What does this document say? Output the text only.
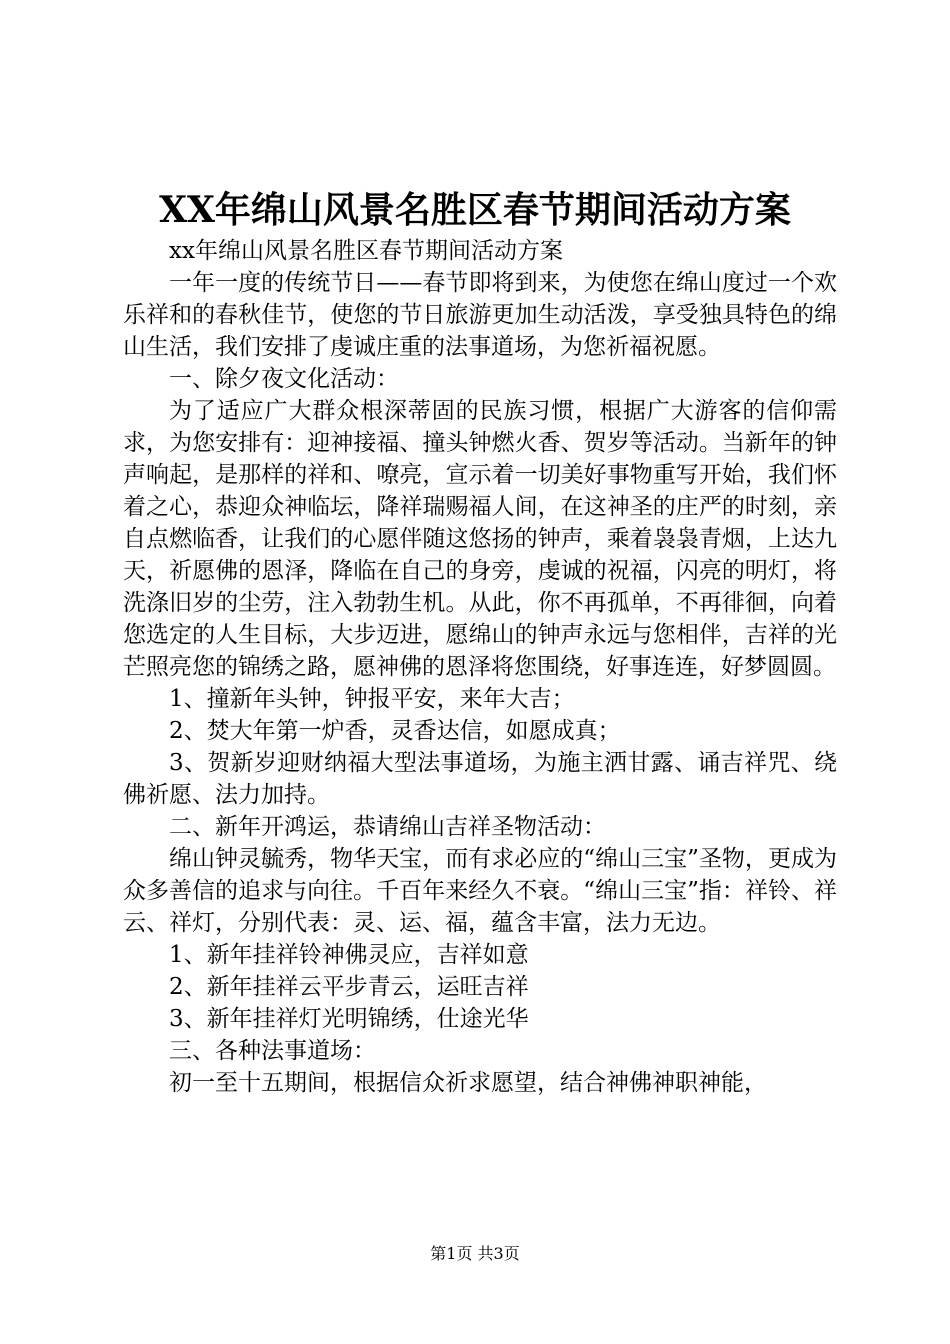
XX年绵山风景名胜区春节期间活动方案

xx年绵山风景名胜区春节期间活动方案

一年一度的传统节日——春节即将到来，为使您在绵山度过一个欢乐祥和的春秋佳节，使您的节日旅游更加生动活泼，享受独具特色的绵山生活，我们安排了虔诚庄重的法事道场，为您祈福祝愿。

一、除夕夜文化活动：

为了适应广大群众根深蒂固的民族习惯，根据广大游客的信仰需求，为您安排有：迎神接福、撞头钟燃火香、贺岁等活动。当新年的钟声响起，是那样的祥和、嘹亮，宣示着一切美好事物重写开始，我们怀着之心，恭迎众神临坛，降祥瑞赐福人间，在这神圣的庄严的时刻，亲自点燃临香，让我们的心愿伴随这悠扬的钟声，乘着袅袅青烟，上达九天，祈愿佛的恩泽，降临在自己的身旁，虔诚的祝福，闪亮的明灯，将洗涤旧岁的尘劳，注入勃勃生机。从此，你不再孤单，不再徘徊，向着您选定的人生目标，大步迈进，愿绵山的钟声永远与您相伴，吉祥的光芒照亮您的锦绣之路，愿神佛的恩泽将您围绕，好事连连，好梦圆圆。

1、撞新年头钟，钟报平安，来年大吉；

2、焚大年第一炉香，灵香达信，如愿成真；

3、贺新岁迎财纳福大型法事道场，为施主洒甘露、诵吉祥咒、绕佛祈愿、法力加持。

二、新年开鸿运，恭请绵山吉祥圣物活动：

绵山钟灵毓秀，物华天宝，而有求必应的“绵山三宝”圣物，更成为众多善信的追求与向往。千百年来经久不衰。“绵山三宝”指：祥铃、祥云、祥灯，分别代表：灵、运、福，蕴含丰富，法力无边。

1、新年挂祥铃神佛灵应，吉祥如意

2、新年挂祥云平步青云，运旺吉祥

3、新年挂祥灯光明锦绣，仕途光华

三、各种法事道场：

初一至十五期间，根据信众祈求愿望，结合神佛神职神能，

第1页 共3页
